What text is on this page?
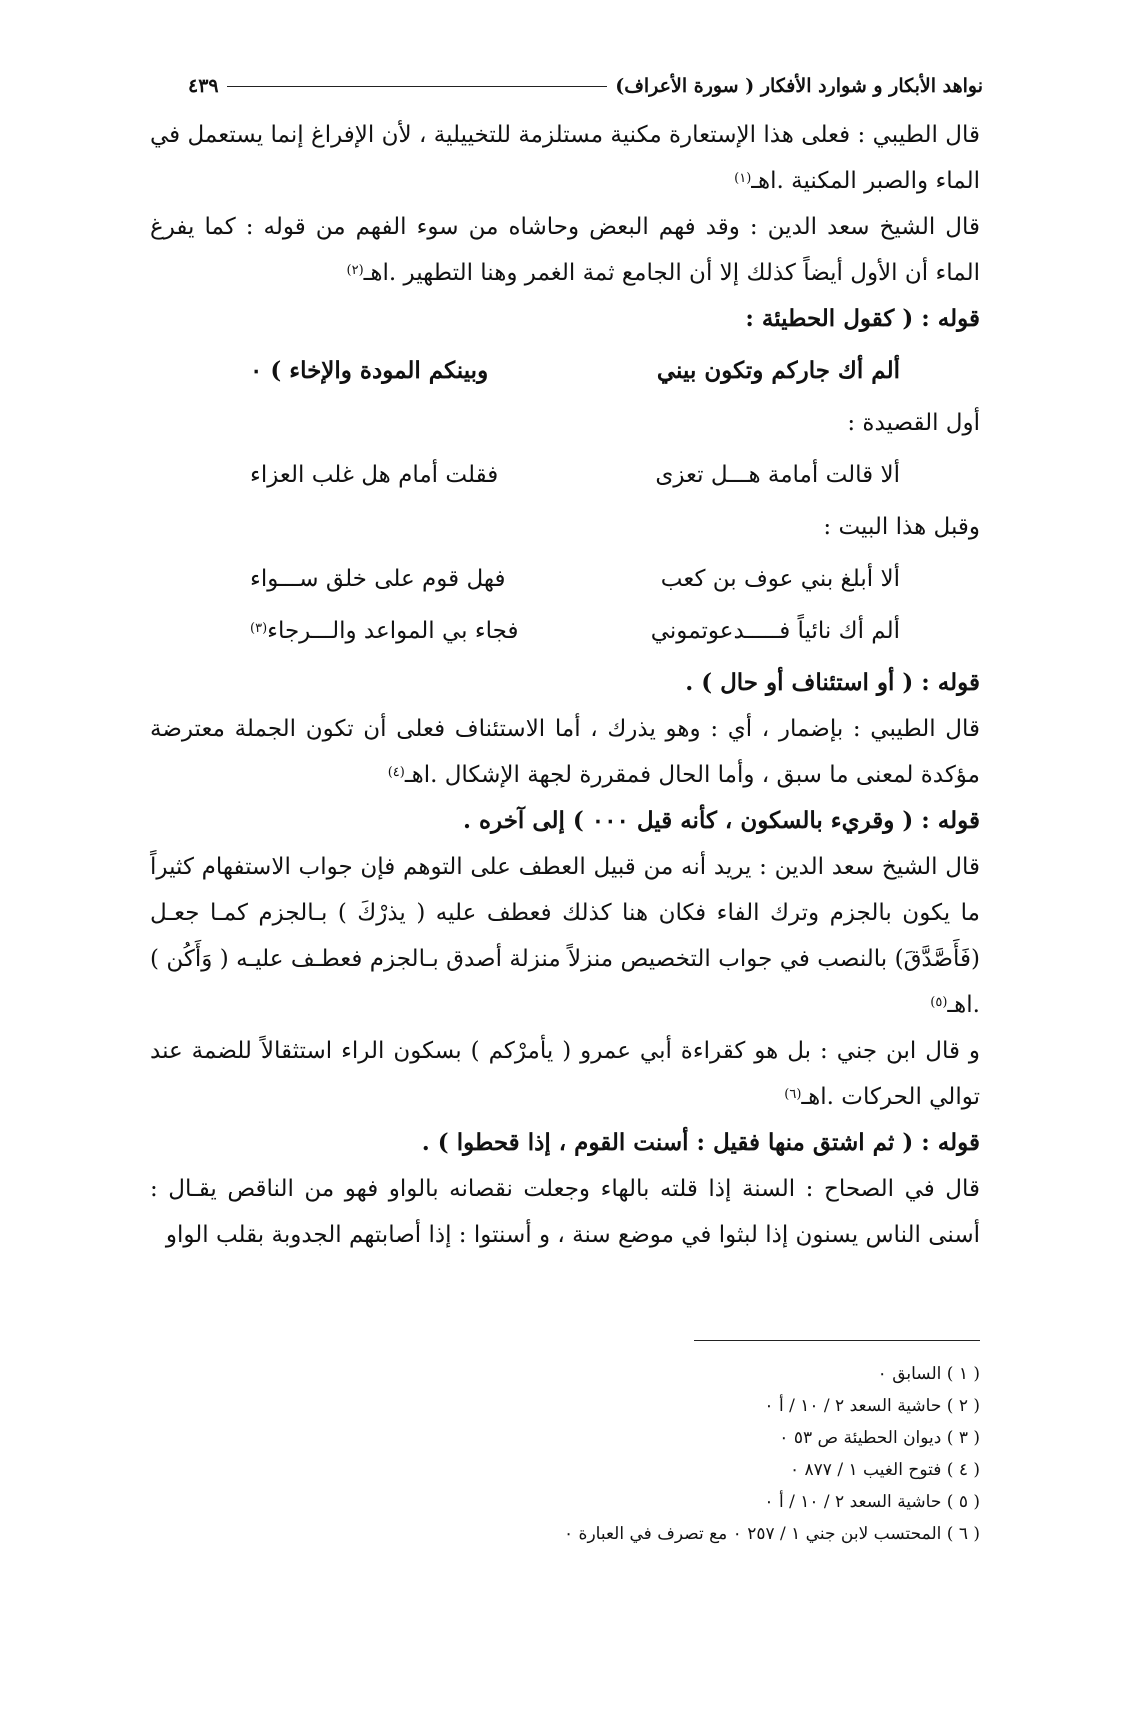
نواهد الأبكار و شوارد الأفكار ( سورة الأعراف)
٤٣٩

قال الطيبي : فعلى هذا الإستعارة مكنية مستلزمة للتخييلية ، لأن الإفراغ إنما يستعمل في الماء والصبر المكنية .اهـ$^{(١)}$

قال الشيخ سعد الدين : وقد فهم البعض وحاشاه من سوء الفهم من قوله : كما يفرغ الماء أن الأول أيضاً كذلك إلا أن الجامع ثمة الغمر وهنا التطهير .اهـ$^{(٢)}$

قوله : ( كقول الحطيئة :

ألم أك جاركم وتكون بيني
وبينكم المودة والإخاء ) ٠

أول القصيدة :

ألا قالت أمامة هـــل تعزى
فقلت أمام هل غلب العزاء

وقبل هذا البيت :

ألا أبلغ بني عوف بن كعب
فهل قوم على خلق ســـواء
ألم أك نائياً فـــــدعوتموني
فجاء بي المواعد والـــرجاء$^{(٣)}$

قوله : ( أو استئناف أو حال ) .

قال الطيبي : بإضمار ، أي : وهو يذرك ، أما الاستئناف فعلى أن تكون الجملة معترضة مؤكدة لمعنى ما سبق ، وأما الحال فمقررة لجهة الإشكال .اهـ$^{(٤)}$

قوله : ( وقريء بالسكون ، كأنه قيل ٠٠٠ ) إلى آخره .

قال الشيخ سعد الدين : يريد أنه من قبيل العطف على التوهم فإن جواب الاستفهام كثيراً ما يكون بالجزم وترك الفاء فكان هنا كذلك فعطف عليه ( يذرْكَ ) بـالجزم كمـا جعـل (فَأَصَّدَّقَ) بالنصب في جواب التخصيص منزلاً منزلة أصدق بـالجزم فعطـف عليـه ( وَأَكُن ) .اهـ$^{(٥)}$

و قال ابن جني : بل هو كقراءة أبي عمرو ( يأمرْكم ) بسكون الراء استثقالاً للضمة عند توالي الحركات .اهـ$^{(٦)}$

قوله : ( ثم اشتق منها فقيل : أسنت القوم ، إذا قحطوا ) .

قال في الصحاح : السنة إذا قلته بالهاء وجعلت نقصانه بالواو فهو من الناقص يقـال : أسنى الناس يسنون إذا لبثوا في موضع سنة ، و أسنتوا : إذا أصابتهم الجدوبة بقلب الواو

( ١ ) السابق ٠
( ٢ ) حاشية السعد ٢ / ١٠ / أ ٠
( ٣ ) ديوان الحطيئة ص ٥٣ ٠
( ٤ ) فتوح الغيب ١ / ٨٧٧ ٠
( ٥ ) حاشية السعد ٢ / ١٠ / أ ٠
( ٦ ) المحتسب لابن جني ١ / ٢٥٧ ٠ مع تصرف في العبارة ٠
